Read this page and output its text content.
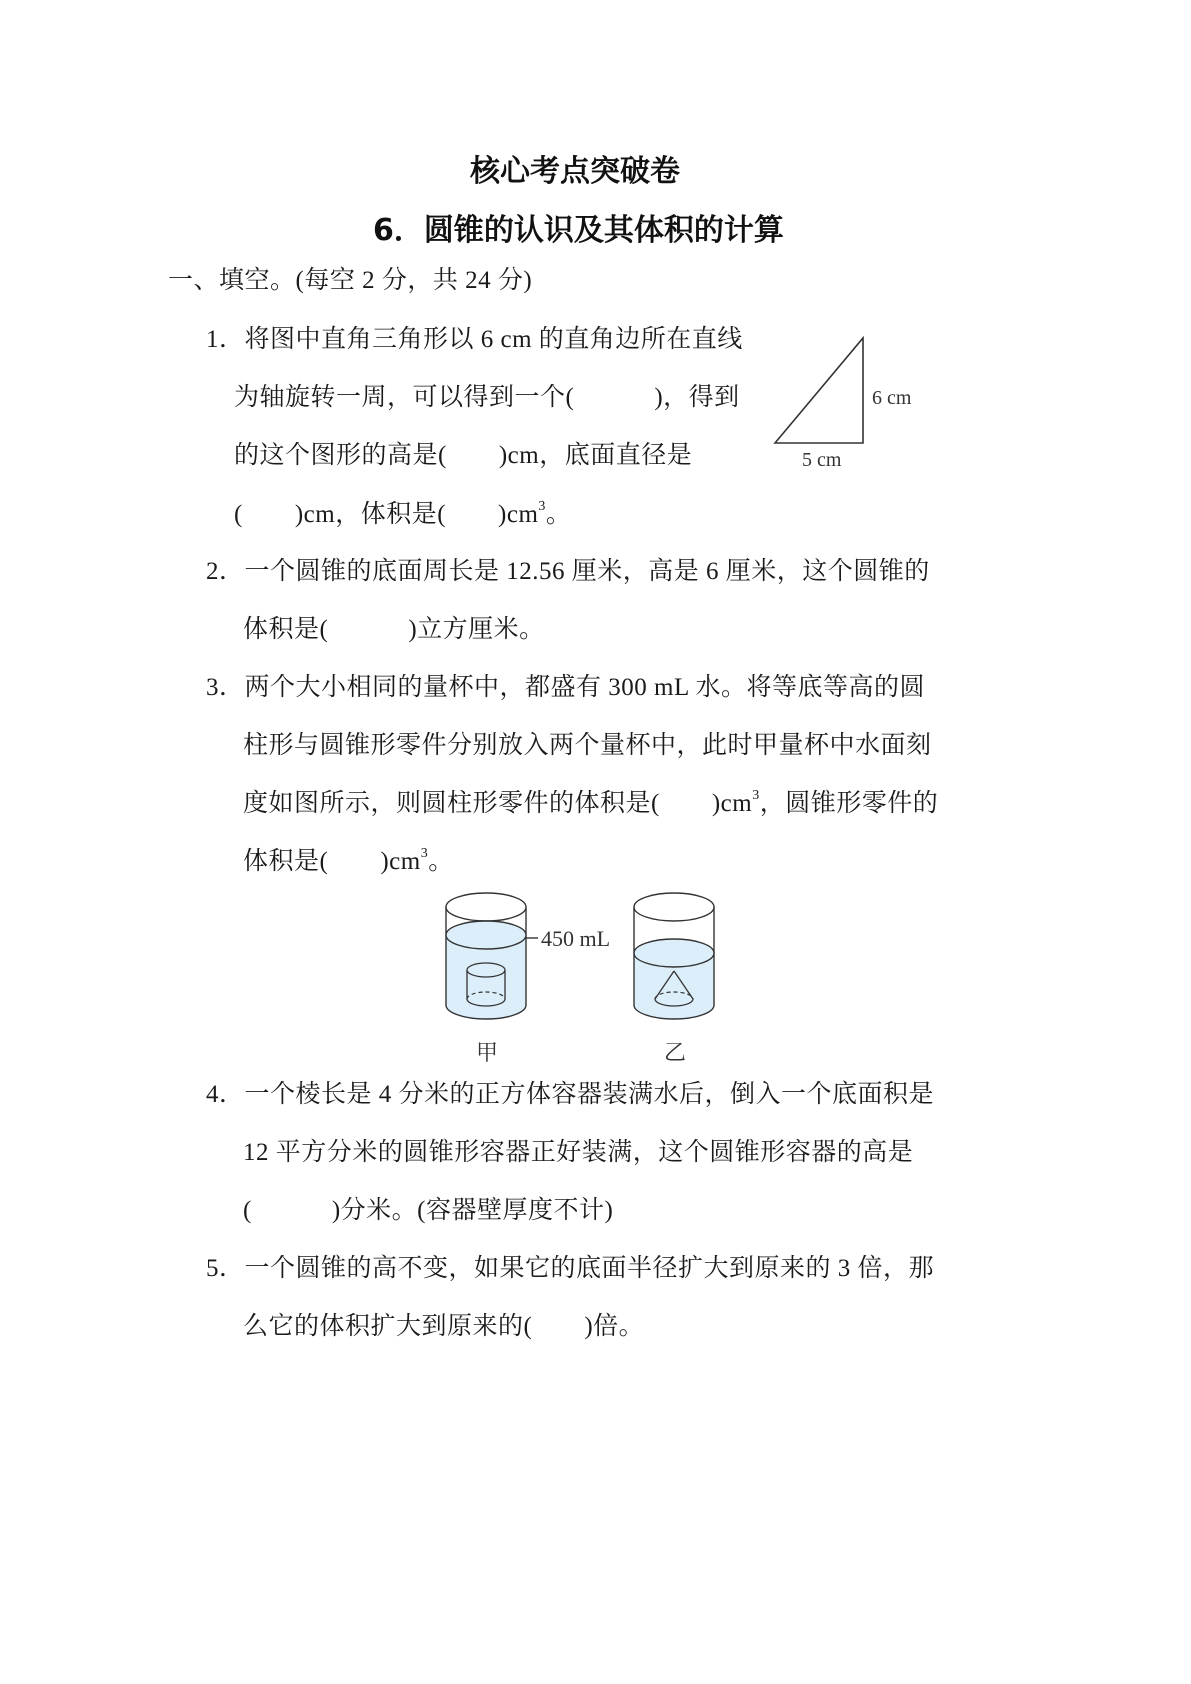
核心考点突破卷
6．圆锥的认识及其体积的计算
一、填空。(每空 2 分，共 24 分)
1．将图中直角三角形以 6 cm 的直角边所在直线
为轴旋转一周，可以得到一个(	)，得到
的这个图形的高是( )cm，底面直径是
( )cm，体积是( )$cm^3$。
6 cm
5 cm
2．一个圆锥的底面周长是 12.56 厘米，高是 6 厘米，这个圆锥的
体积是(	)立方厘米。
3．两个大小相同的量杯中，都盛有 300 mL 水。将等底等高的圆
柱形与圆锥形零件分别放入两个量杯中，此时甲量杯中水面刻
度如图所示，则圆柱形零件的体积是( )$cm^3$，圆锥形零件的
体积是( )$cm^3$。
450 mL
甲	乙
4．一个棱长是 4 分米的正方体容器装满水后，倒入一个底面积是
12 平方分米的圆锥形容器正好装满，这个圆锥形容器的高是
(	)分米。(容器壁厚度不计)
5．一个圆锥的高不变，如果它的底面半径扩大到原来的 3 倍，那
么它的体积扩大到原来的( )倍。
